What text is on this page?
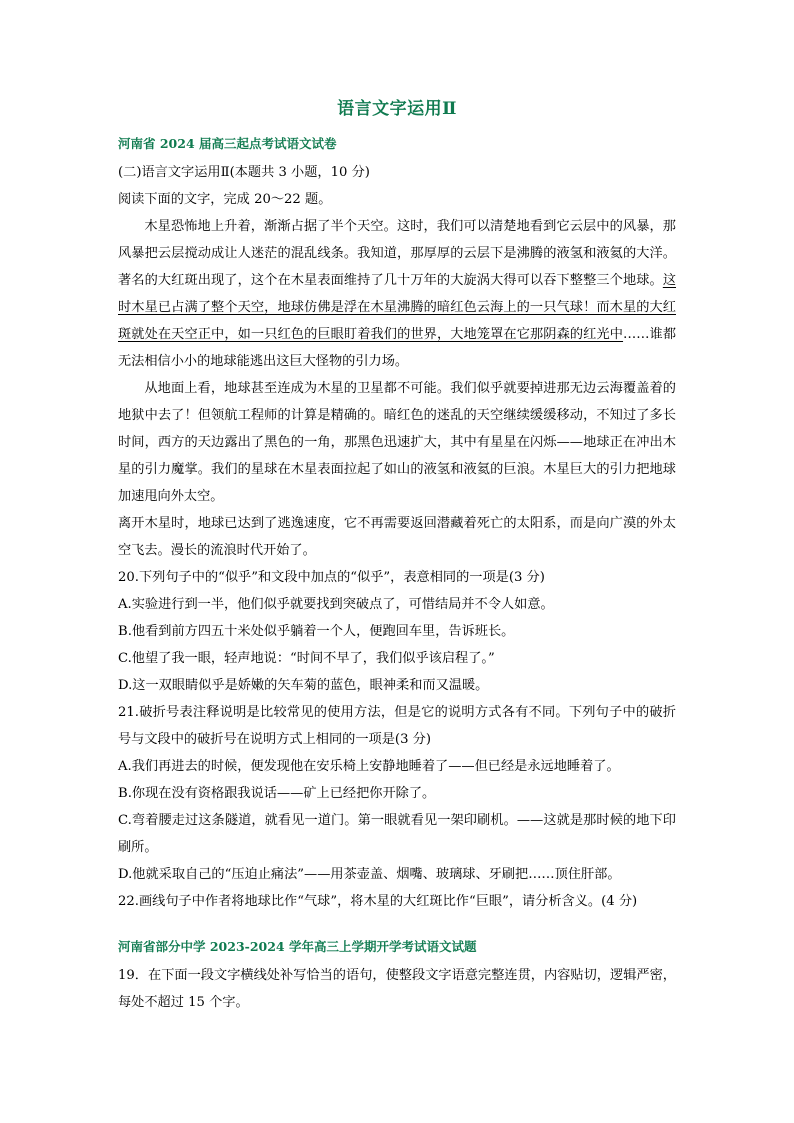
语言文字运用Ⅱ
河南省 2024 届高三起点考试语文试卷
(二)语言文字运用Ⅱ(本题共 3 小题，10 分)
阅读下面的文字，完成 20～22 题。

木星恐怖地上升着，渐渐占据了半个天空。这时，我们可以清楚地看到它云层中的风暴，那风暴把云层搅动成让人迷茫的混乱线条。我知道，那厚厚的云层下是沸腾的液氢和液氦的大洋。著名的大红斑出现了，这个在木星表面维持了几十万年的大旋涡大得可以吞下整整三个地球。这时木星已占满了整个天空，地球仿佛是浮在木星沸腾的暗红色云海上的一只气球！而木星的大红斑就处在天空正中，如一只红色的巨眼盯着我们的世界，大地笼罩在它那阴森的红光中……谁都无法相信小小的地球能逃出这巨大怪物的引力场。

从地面上看，地球甚至连成为木星的卫星都不可能。我们似乎就要掉进那无边云海覆盖着的地狱中去了！但领航工程师的计算是精确的。暗红色的迷乱的天空继续缓缓移动，不知过了多长时间，西方的天边露出了黑色的一角，那黑色迅速扩大，其中有星星在闪烁——地球正在冲出木星的引力魔掌。我们的星球在木星表面拉起了如山的液氢和液氦的巨浪。木星巨大的引力把地球加速甩向外太空。

离开木星时，地球已达到了逃逸速度，它不再需要返回潜藏着死亡的太阳系，而是向广漠的外太空飞去。漫长的流浪时代开始了。

20.下列句子中的“似乎”和文段中加点的“似乎”，表意相同的一项是(3 分)
A.实验进行到一半，他们似乎就要找到突破点了，可惜结局并不令人如意。
B.他看到前方四五十米处似乎躺着一个人，便跑回车里，告诉班长。
C.他望了我一眼，轻声地说：“时间不早了，我们似乎该启程了。”
D.这一双眼睛似乎是娇嫩的矢车菊的蓝色，眼神柔和而又温暖。

21.破折号表注释说明是比较常见的使用方法，但是它的说明方式各有不同。下列句子中的破折号与文段中的破折号在说明方式上相同的一项是(3 分)

A.我们再进去的时候，便发现他在安乐椅上安静地睡着了——但已经是永远地睡着了。
B.你现在没有资格跟我说话——矿上已经把你开除了。

C.弯着腰走过这条隧道，就看见一道门。第一眼就看见一架印刷机。——这就是那时候的地下印刷所。

D.他就采取自己的“压迫止痛法”——用茶壶盖、烟嘴、玻璃球、牙刷把……顶住肝部。
22.画线句子中作者将地球比作“气球”，将木星的大红斑比作“巨眼”，请分析含义。(4 分)
河南省部分中学 2023-2024 学年高三上学期开学考试语文试题

19．在下面一段文字横线处补写恰当的语句，使整段文字语意完整连贯，内容贴切，逻辑严密，每处不超过 15 个字。
